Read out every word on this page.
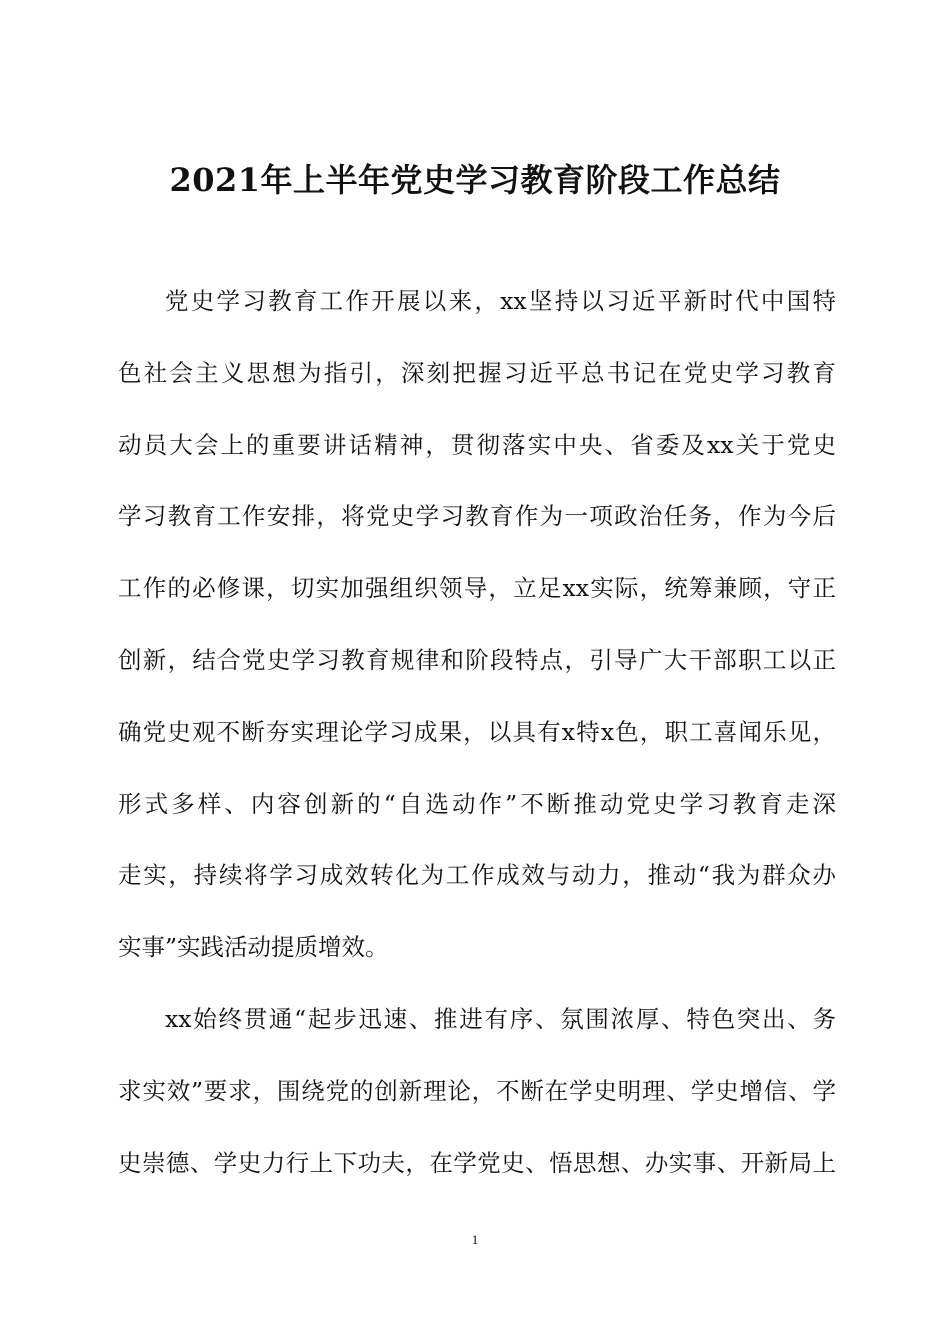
2021年上半年党史学习教育阶段工作总结
党史学习教育工作开展以来，xx坚持以习近平新时代中国特
色社会主义思想为指引，深刻把握习近平总书记在党史学习教育
动员大会上的重要讲话精神，贯彻落实中央、省委及xx关于党史
学习教育工作安排，将党史学习教育作为一项政治任务，作为今后
工作的必修课，切实加强组织领导，立足xx实际，统筹兼顾，守正
创新，结合党史学习教育规律和阶段特点，引导广大干部职工以正
确党史观不断夯实理论学习成果，以具有x特x色，职工喜闻乐见，
形式多样、内容创新的“自选动作”不断推动党史学习教育走深
走实，持续将学习成效转化为工作成效与动力，推动“我为群众办
实事”实践活动提质增效。
xx始终贯通“起步迅速、推进有序、氛围浓厚、特色突出、务
求实效”要求，围绕党的创新理论，不断在学史明理、学史增信、学
史崇德、学史力行上下功夫，在学党史、悟思想、办实事、开新局上
1
